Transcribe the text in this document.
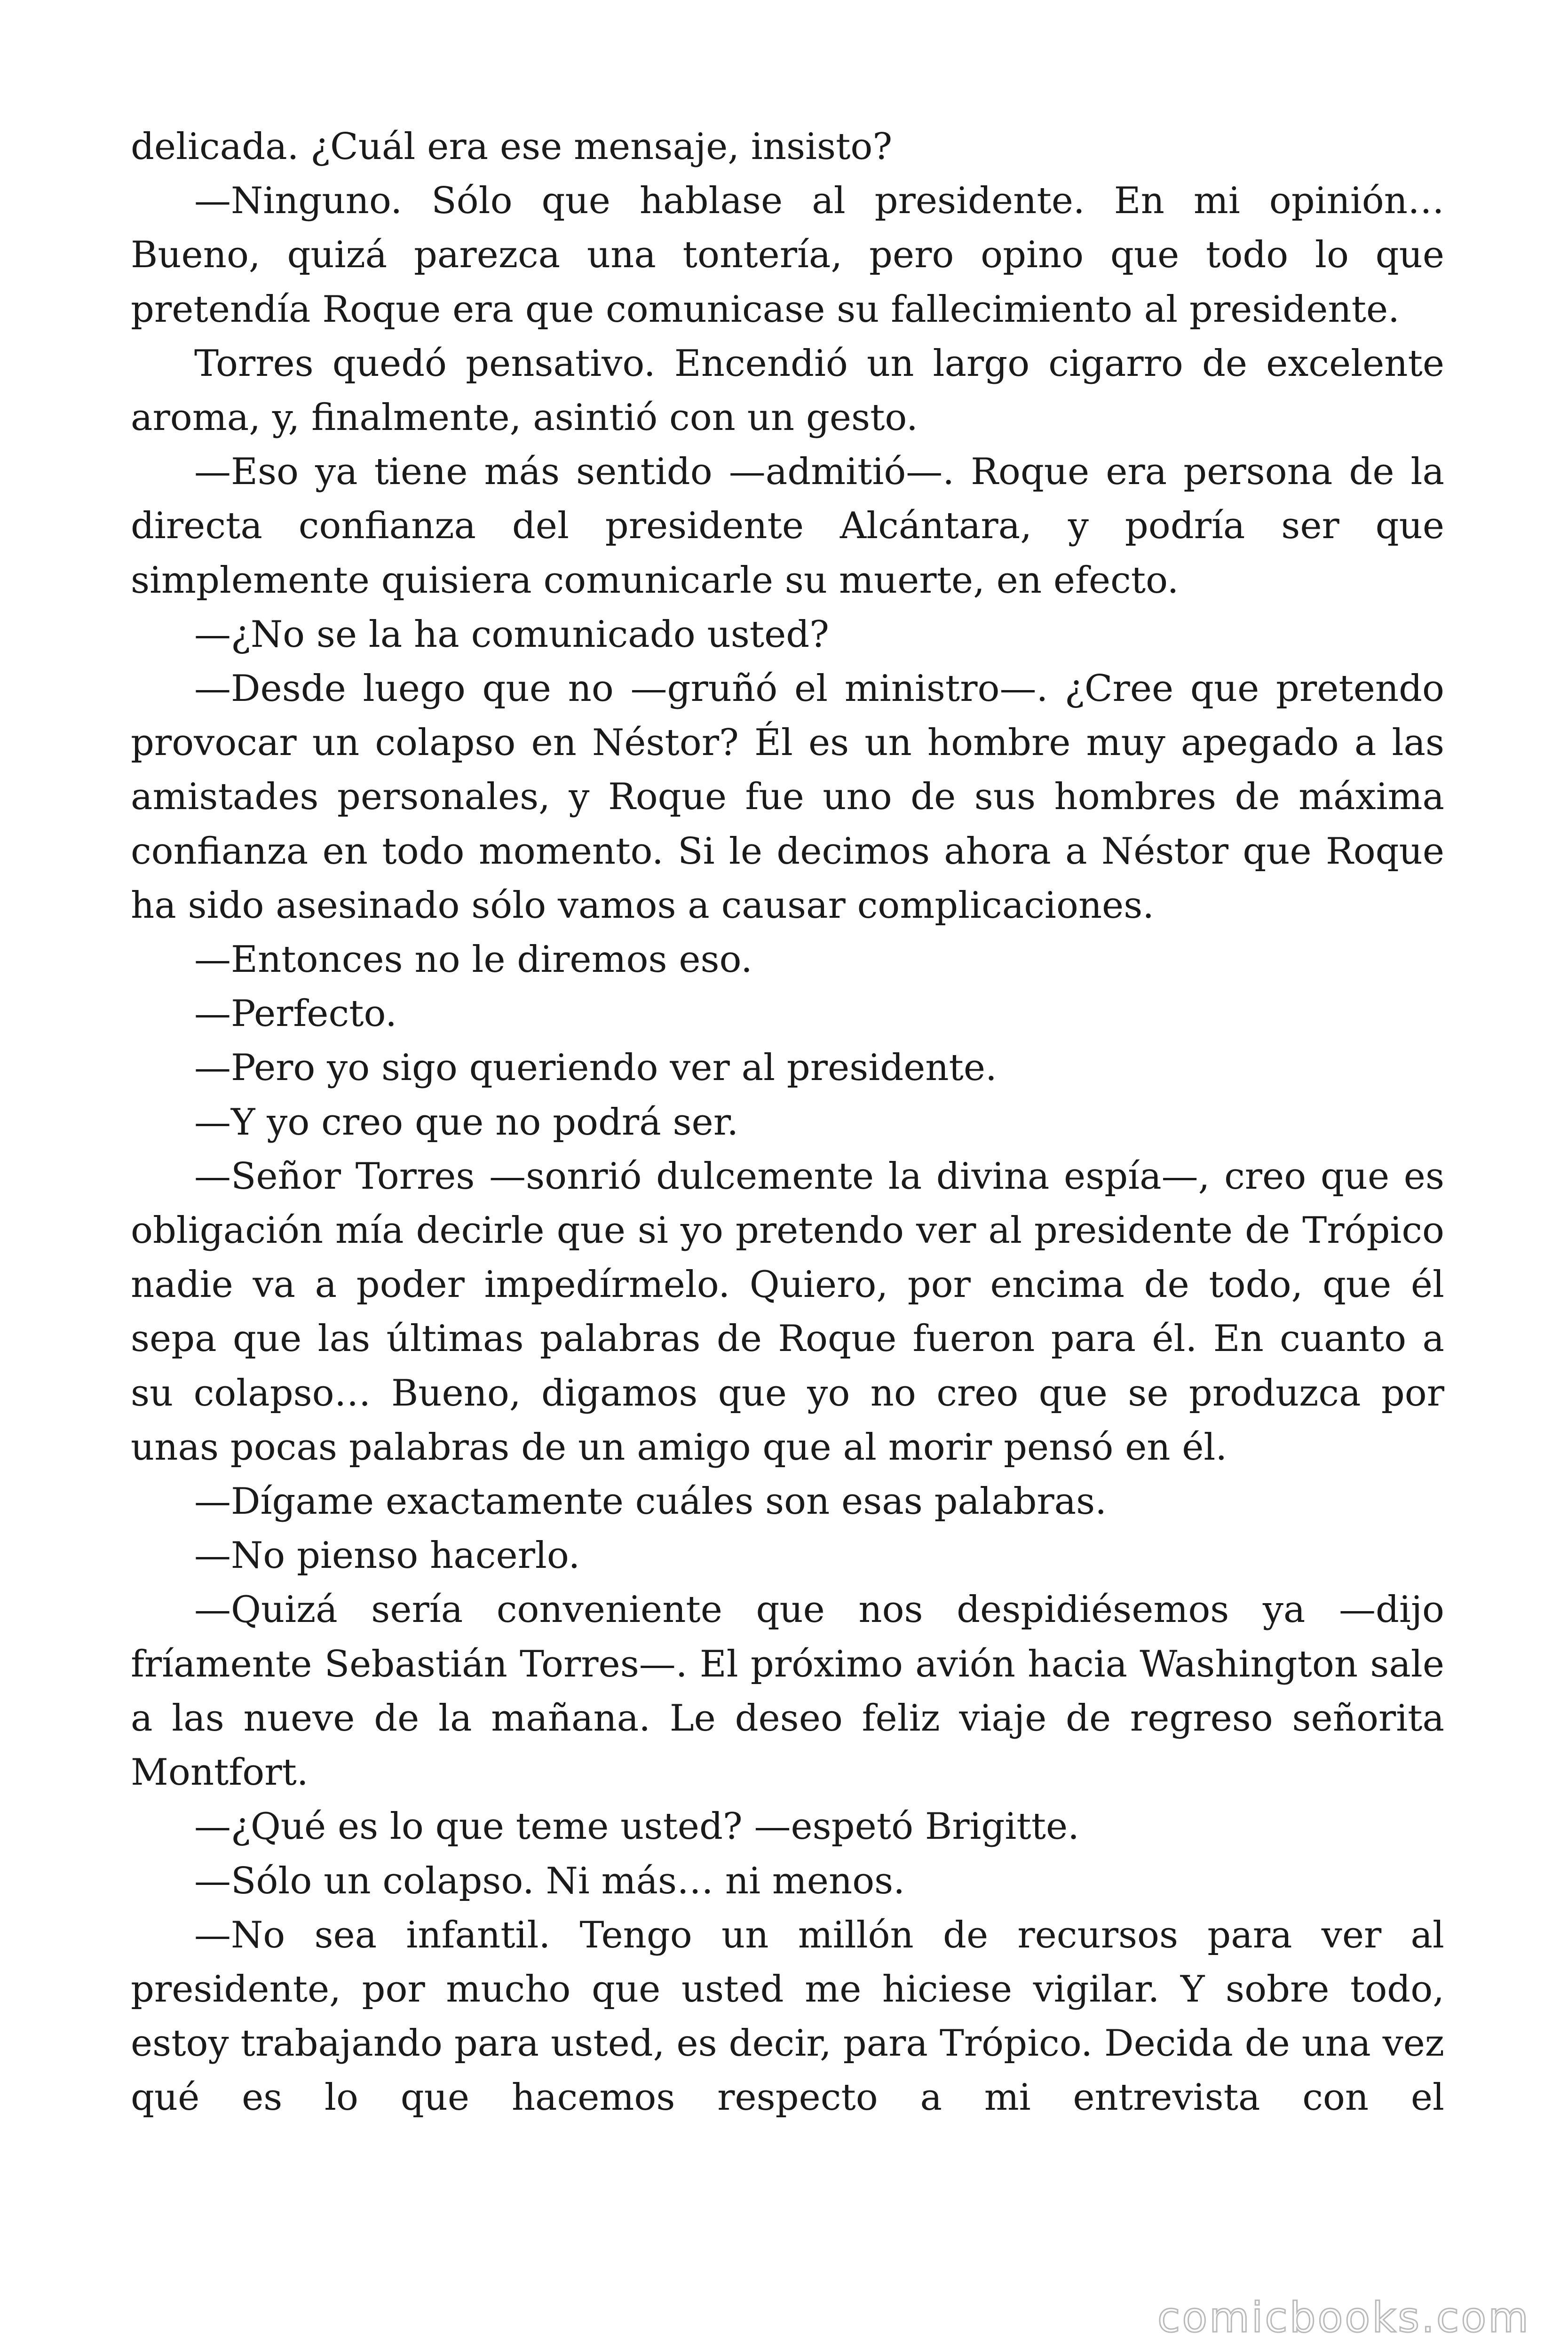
delicada. ¿Cuál era ese mensaje, insisto?

—Ninguno. Sólo que hablase al presidente. En mi opinión… Bueno, quizá parezca una tontería, pero opino que todo lo que pretendía Roque era que comunicase su fallecimiento al presidente.

Torres quedó pensativo. Encendió un largo cigarro de excelente aroma, y, finalmente, asintió con un gesto.

—Eso ya tiene más sentido —admitió—. Roque era persona de la directa confianza del presidente Alcántara, y podría ser que simplemente quisiera comunicarle su muerte, en efecto.

—¿No se la ha comunicado usted?

—Desde luego que no —gruñó el ministro—. ¿Cree que pretendo provocar un colapso en Néstor? Él es un hombre muy apegado a las amistades personales, y Roque fue uno de sus hombres de máxima confianza en todo momento. Si le decimos ahora a Néstor que Roque ha sido asesinado sólo vamos a causar complicaciones.

—Entonces no le diremos eso.

—Perfecto.

—Pero yo sigo queriendo ver al presidente.

—Y yo creo que no podrá ser.

—Señor Torres —sonrió dulcemente la divina espía—, creo que es obligación mía decirle que si yo pretendo ver al presidente de Trópico nadie va a poder impedírmelo. Quiero, por encima de todo, que él sepa que las últimas palabras de Roque fueron para él. En cuanto a su colapso… Bueno, digamos que yo no creo que se produzca por unas pocas palabras de un amigo que al morir pensó en él.

—Dígame exactamente cuáles son esas palabras.

—No pienso hacerlo.

—Quizá sería conveniente que nos despidiésemos ya —dijo fríamente Sebastián Torres—. El próximo avión hacia Washington sale a las nueve de la mañana. Le deseo feliz viaje de regreso señorita Montfort.

—¿Qué es lo que teme usted? —espetó Brigitte.

—Sólo un colapso. Ni más… ni menos.

—No sea infantil. Tengo un millón de recursos para ver al presidente, por mucho que usted me hiciese vigilar. Y sobre todo, estoy trabajando para usted, es decir, para Trópico. Decida de una vez qué es lo que hacemos respecto a mi entrevista con el

comicbooks.com
